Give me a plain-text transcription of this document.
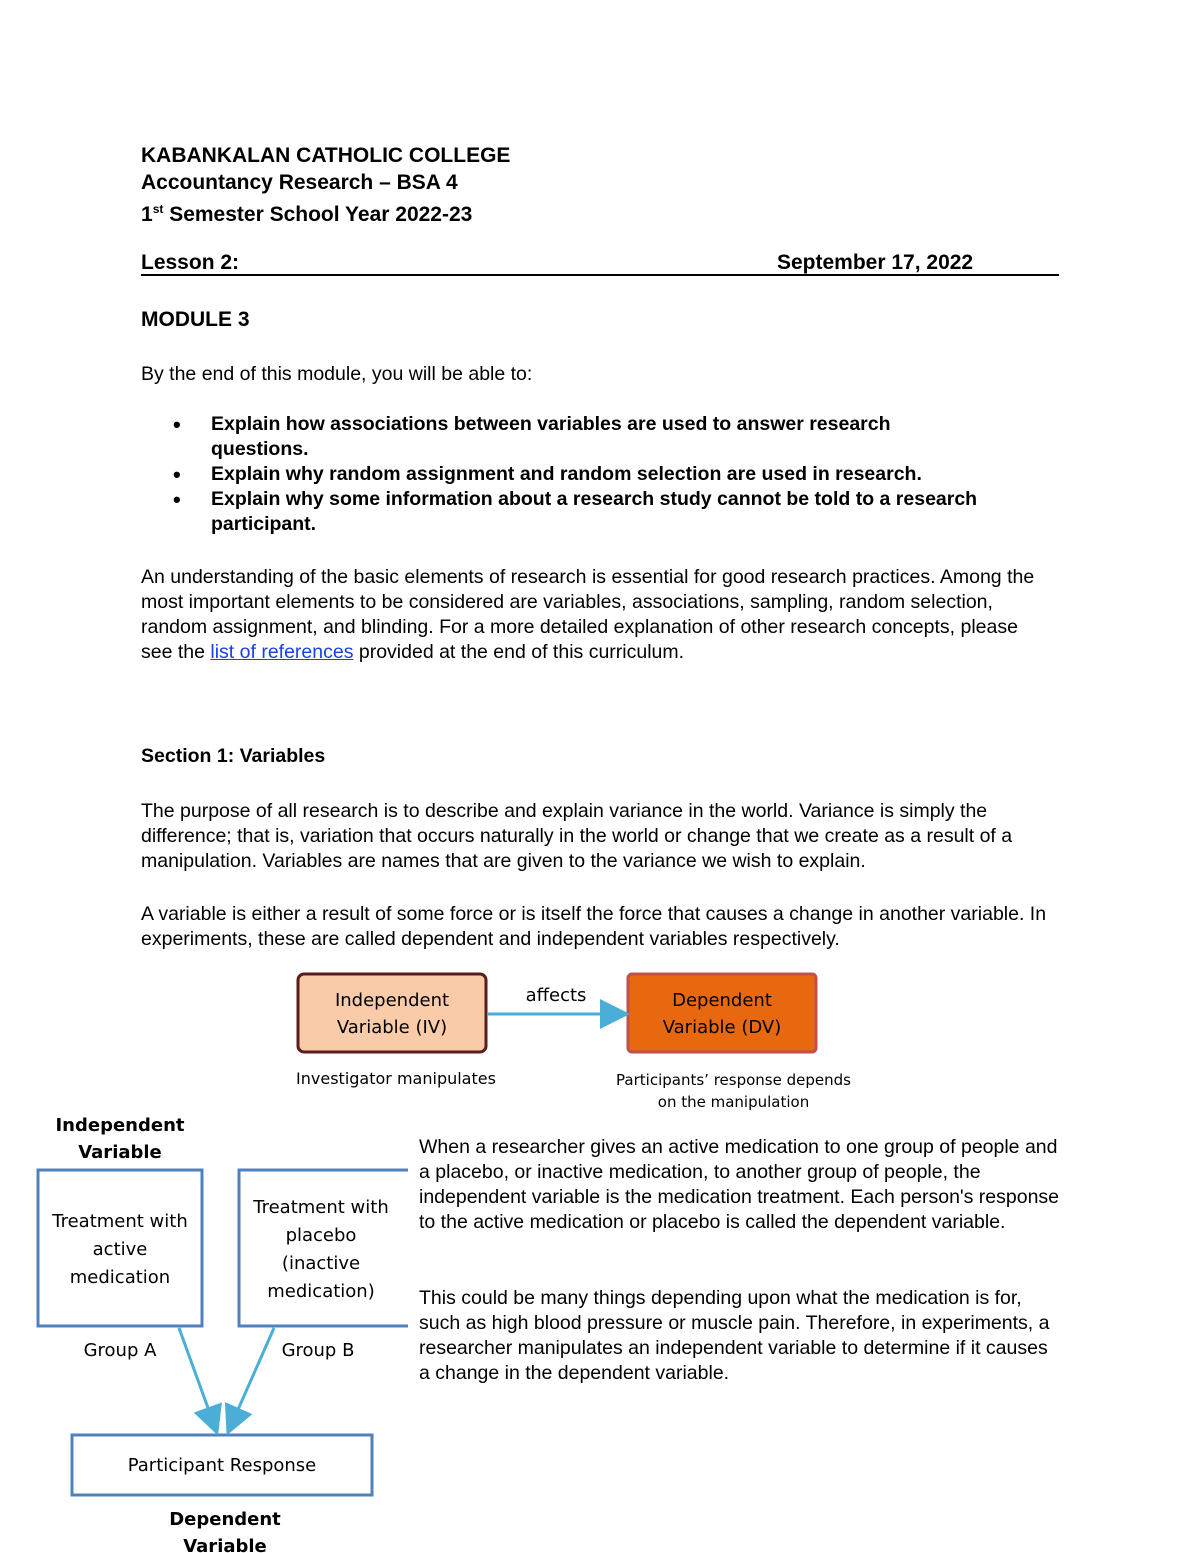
KABANKALAN CATHOLIC COLLEGE
Accountancy Research – BSA 4
1st Semester School Year 2022-23
Lesson 2:	September 17, 2022
MODULE 3
By the end of this module, you will be able to:
• Explain how associations between variables are used to answer research questions.
• Explain why random assignment and random selection are used in research.
• Explain why some information about a research study cannot be told to a research participant.
An understanding of the basic elements of research is essential for good research practices. Among the most important elements to be considered are variables, associations, sampling, random selection, random assignment, and blinding. For a more detailed explanation of other research concepts, please see the list of references provided at the end of this curriculum.
Section 1: Variables
The purpose of all research is to describe and explain variance in the world. Variance is simply the difference; that is, variation that occurs naturally in the world or change that we create as a result of a manipulation. Variables are names that are given to the variance we wish to explain.
A variable is either a result of some force or is itself the force that causes a change in another variable. In experiments, these are called dependent and independent variables respectively.
Independent
Variable (IV)
Dependent
Variable (DV)
affects
Investigator manipulates	Participants’ response depends
on the manipulation
Independent
Variable
Treatment with
active
medication
Treatment with
placebo
(inactive
medication)
Group A	Group B
Participant Response
Dependent
Variable
When a researcher gives an active medication to one group of people and a placebo, or inactive medication, to another group of people, the independent variable is the medication treatment. Each person's response to the active medication or placebo is called the dependent variable.
This could be many things depending upon what the medication is for, such as high blood pressure or muscle pain. Therefore, in experiments, a researcher manipulates an independent variable to determine if it causes a change in the dependent variable.
